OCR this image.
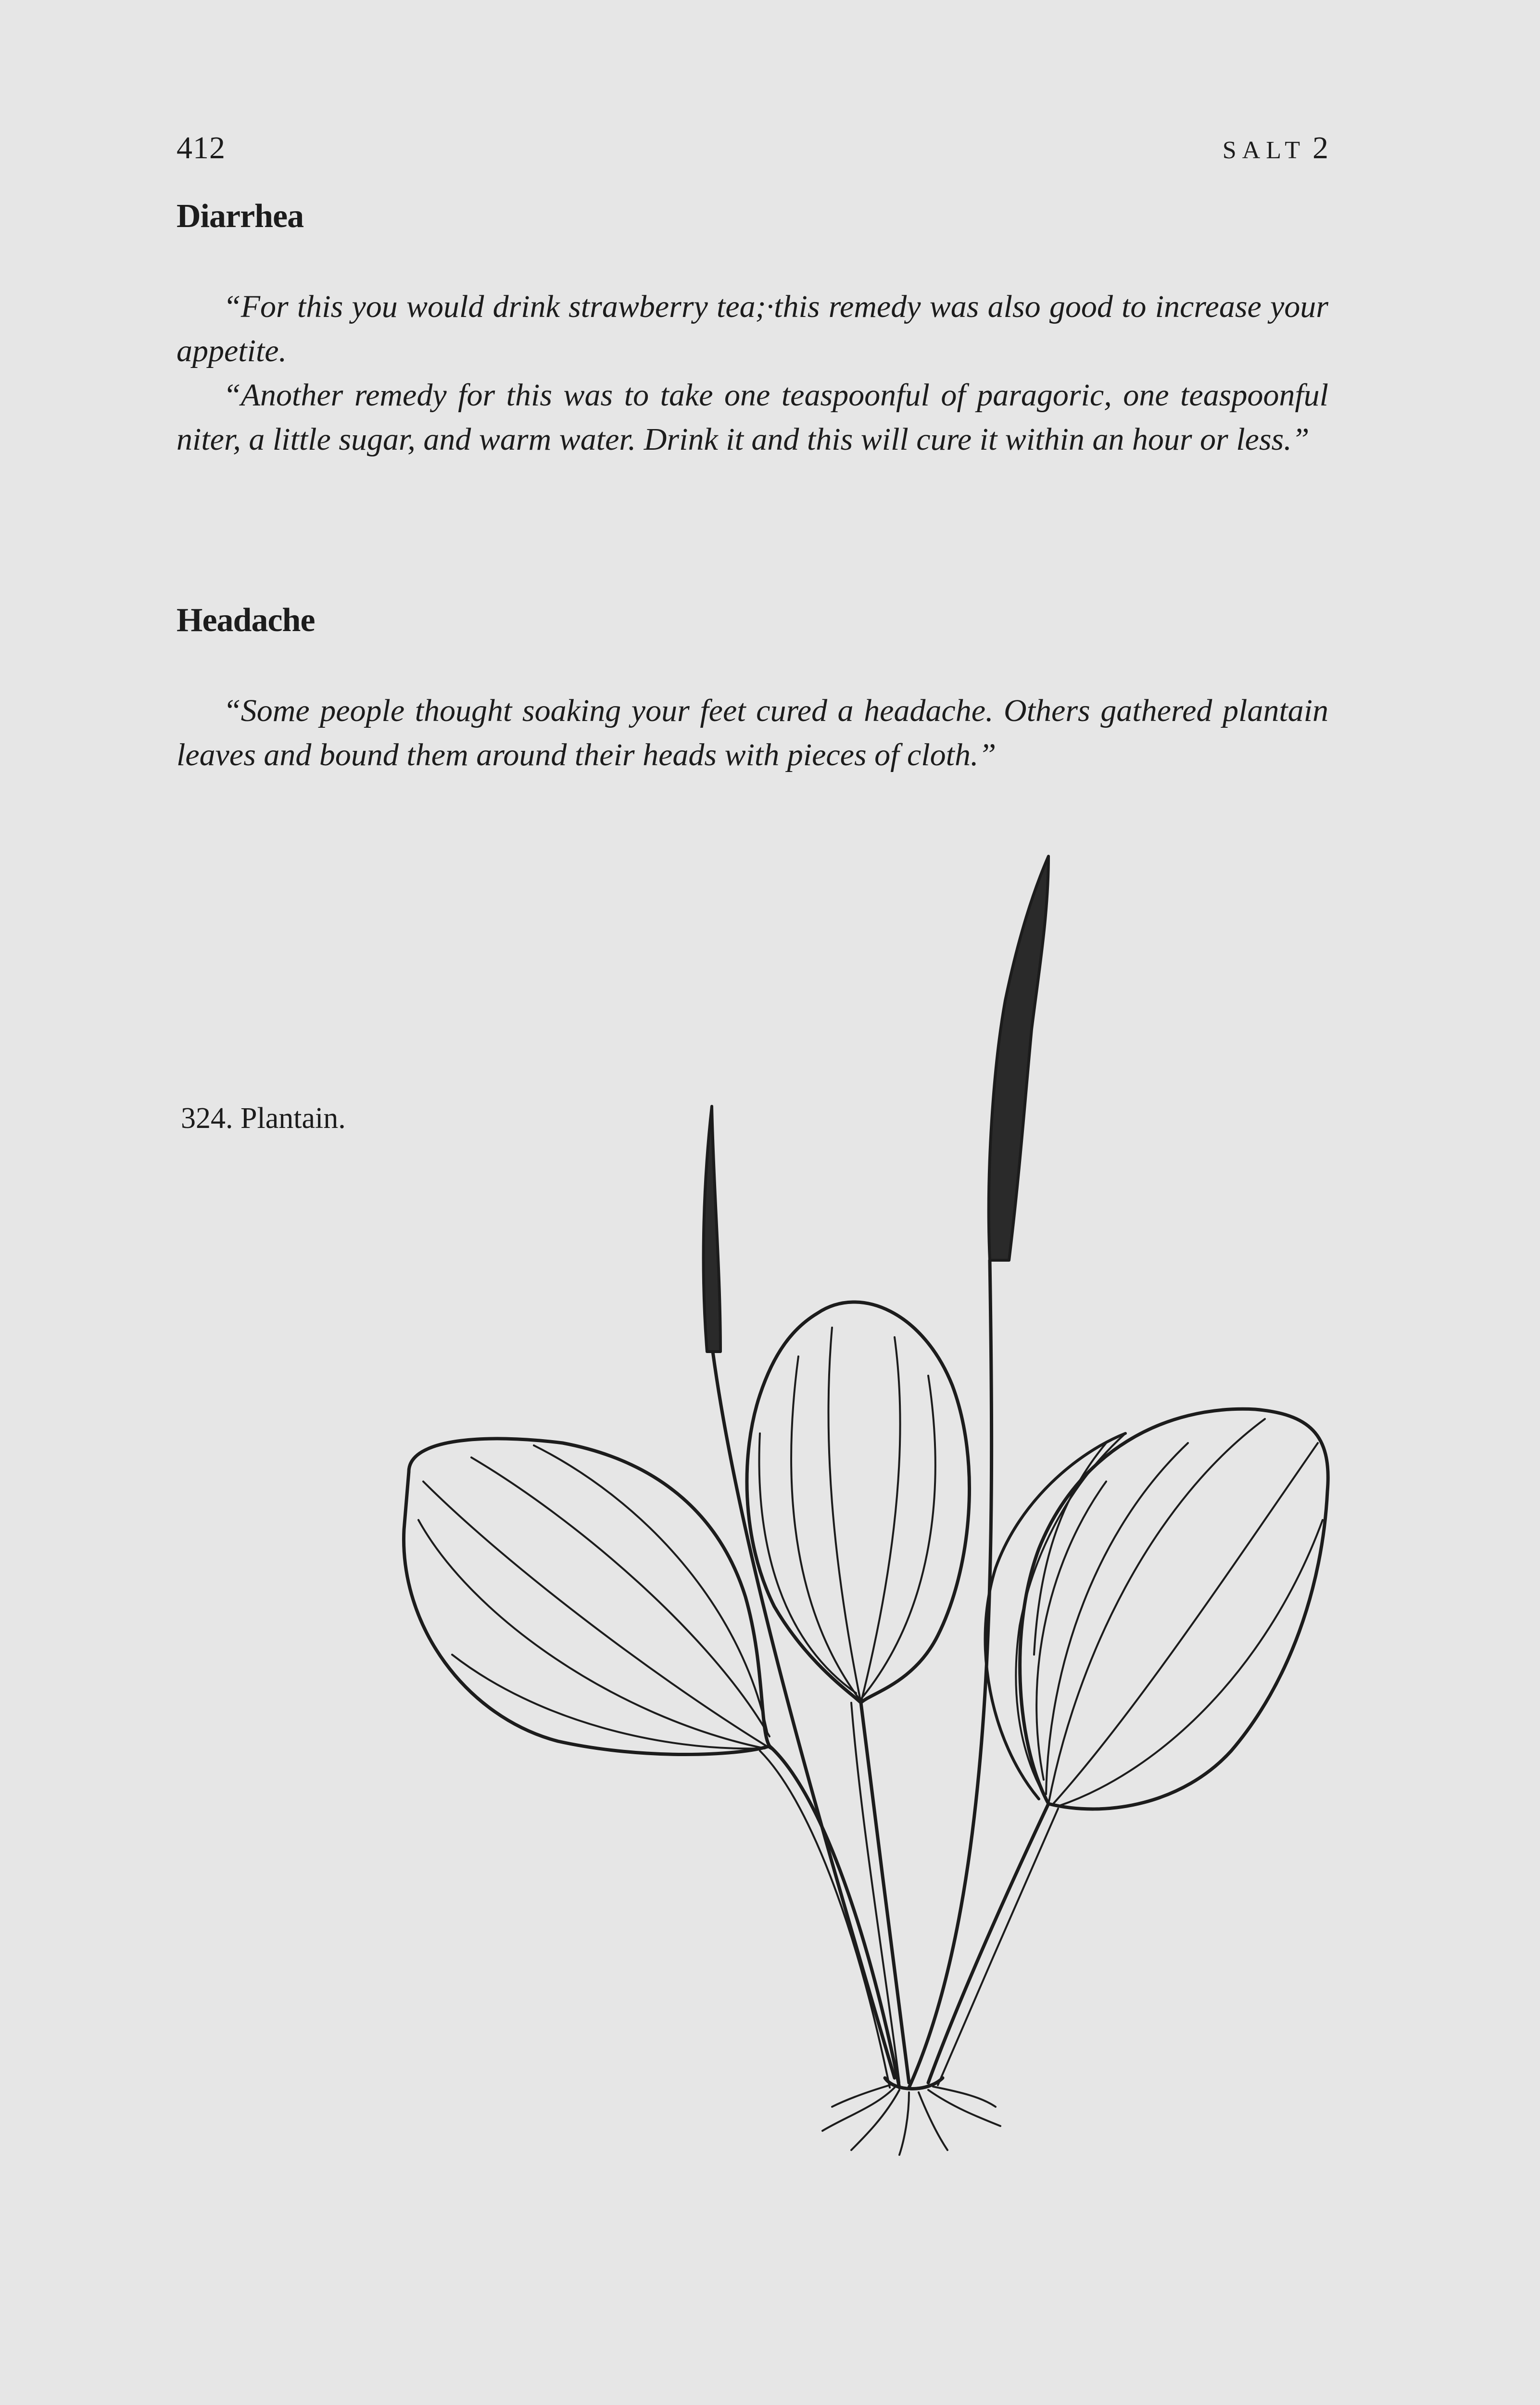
412	SALT 2
Diarrhea

“For this you would drink strawberry tea;·this remedy was also good to increase your appetite.

“Another remedy for this was to take one teaspoonful of paragoric, one teaspoonful niter, a little sugar, and warm water. Drink it and this will cure it within an hour or less.”

Headache

“Some people thought soaking your feet cured a headache. Others gathered plantain leaves and bound them around their heads with pieces of cloth.”

324. Plantain.
